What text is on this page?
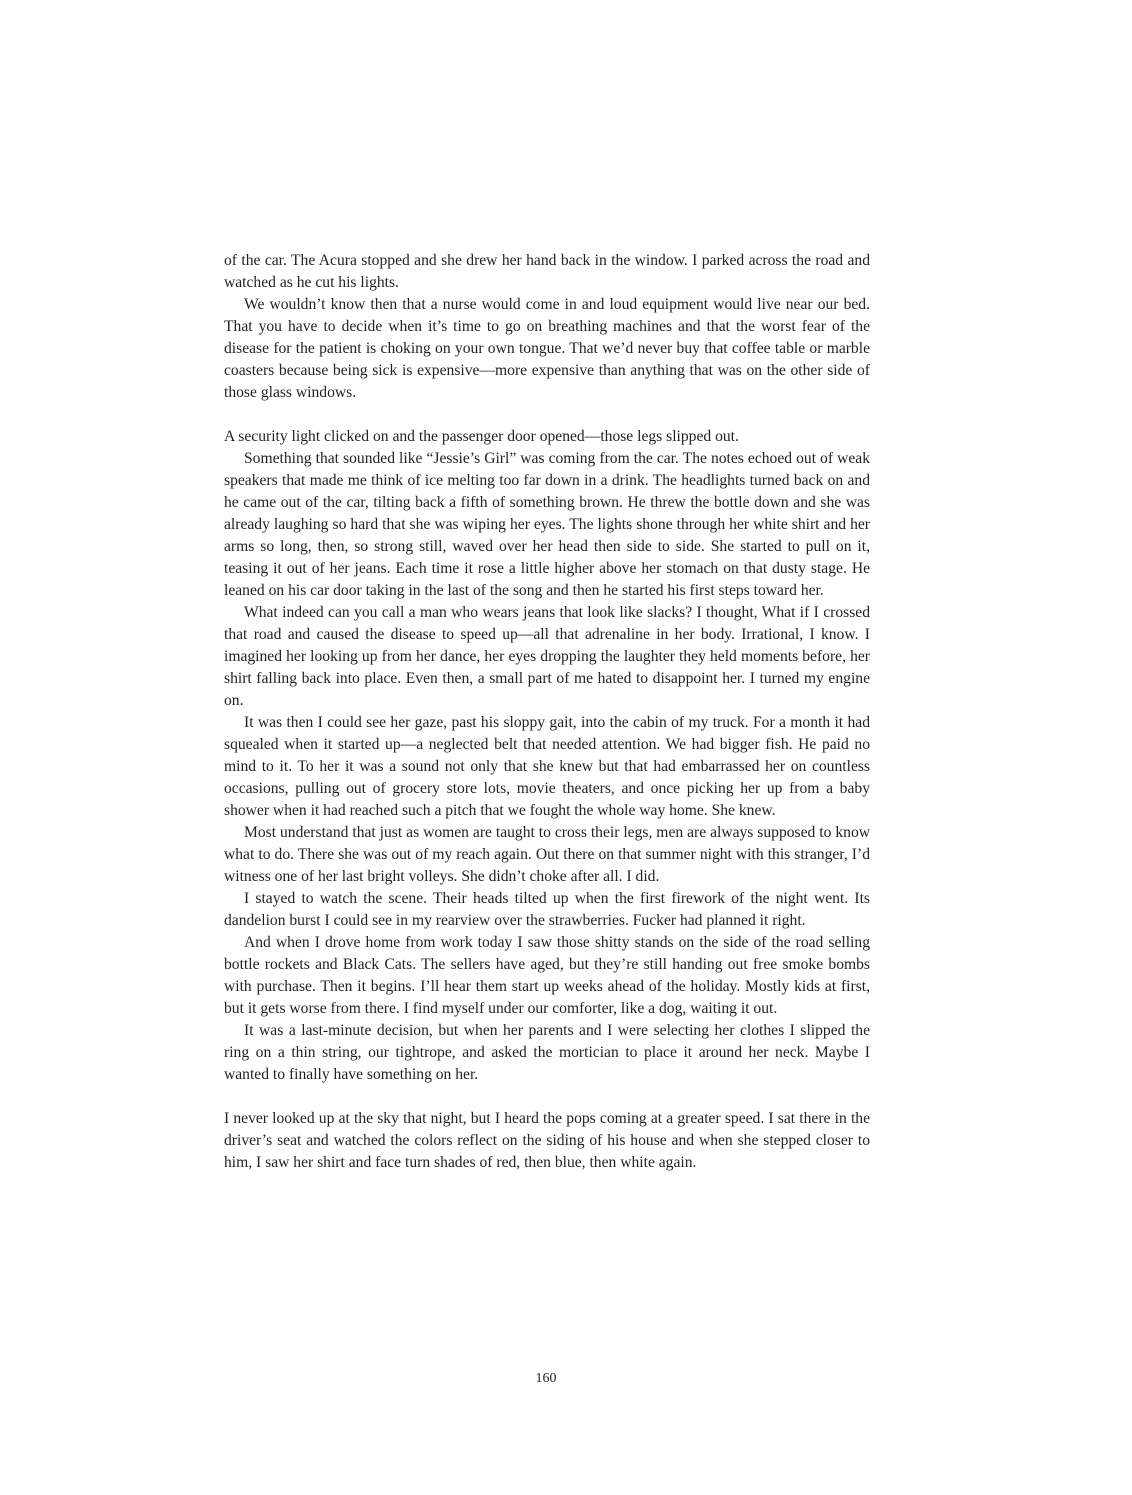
of the car. The Acura stopped and she drew her hand back in the window. I parked across the road and watched as he cut his lights.

We wouldn’t know then that a nurse would come in and loud equipment would live near our bed. That you have to decide when it’s time to go on breathing machines and that the worst fear of the disease for the patient is choking on your own tongue. That we’d never buy that coffee table or marble coasters because being sick is expensive—more expensive than anything that was on the other side of those glass windows.

A security light clicked on and the passenger door opened—those legs slipped out.

Something that sounded like “Jessie’s Girl” was coming from the car. The notes echoed out of weak speakers that made me think of ice melting too far down in a drink. The headlights turned back on and he came out of the car, tilting back a fifth of something brown. He threw the bottle down and she was already laughing so hard that she was wiping her eyes. The lights shone through her white shirt and her arms so long, then, so strong still, waved over her head then side to side. She started to pull on it, teasing it out of her jeans. Each time it rose a little higher above her stomach on that dusty stage. He leaned on his car door taking in the last of the song and then he started his first steps toward her.

What indeed can you call a man who wears jeans that look like slacks? I thought, What if I crossed that road and caused the disease to speed up—all that adrenaline in her body. Irrational, I know. I imagined her looking up from her dance, her eyes dropping the laughter they held moments before, her shirt falling back into place. Even then, a small part of me hated to disappoint her. I turned my engine on.

It was then I could see her gaze, past his sloppy gait, into the cabin of my truck. For a month it had squealed when it started up—a neglected belt that needed attention. We had bigger fish. He paid no mind to it. To her it was a sound not only that she knew but that had embarrassed her on countless occasions, pulling out of grocery store lots, movie theaters, and once picking her up from a baby shower when it had reached such a pitch that we fought the whole way home. She knew.

Most understand that just as women are taught to cross their legs, men are always supposed to know what to do. There she was out of my reach again. Out there on that summer night with this stranger, I’d witness one of her last bright volleys. She didn’t choke after all. I did.

I stayed to watch the scene. Their heads tilted up when the first firework of the night went. Its dandelion burst I could see in my rearview over the strawberries. Fucker had planned it right.

And when I drove home from work today I saw those shitty stands on the side of the road selling bottle rockets and Black Cats. The sellers have aged, but they’re still handing out free smoke bombs with purchase. Then it begins. I’ll hear them start up weeks ahead of the holiday. Mostly kids at first, but it gets worse from there. I find myself under our comforter, like a dog, waiting it out.

It was a last-minute decision, but when her parents and I were selecting her clothes I slipped the ring on a thin string, our tightrope, and asked the mortician to place it around her neck. Maybe I wanted to finally have something on her.

I never looked up at the sky that night, but I heard the pops coming at a greater speed. I sat there in the driver’s seat and watched the colors reflect on the siding of his house and when she stepped closer to him, I saw her shirt and face turn shades of red, then blue, then white again.

160
